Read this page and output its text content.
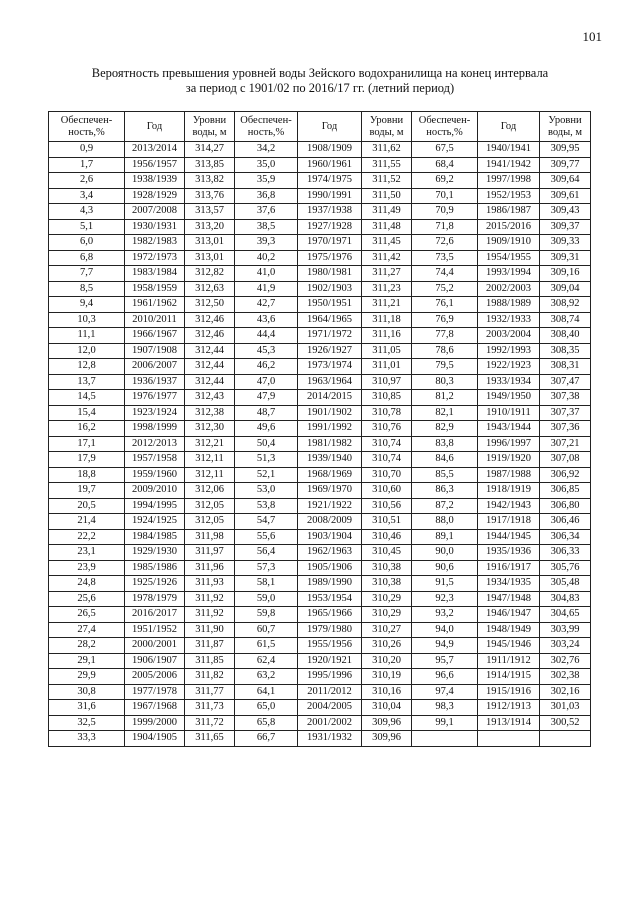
101
Вероятность превышения уровней воды Зейского водохранилища на конец интервала
за период с 1901/02 по 2016/17 гг. (летний период)
Обеспечен-ность,%	Год	Уровни воды, м	Обеспечен-ность,%	Год	Уровни воды, м	Обеспечен-ность,%	Год	Уровни воды, м
0,9	2013/2014	314,27	34,2	1908/1909	311,62	67,5	1940/1941	309,95
1,7	1956/1957	313,85	35,0	1960/1961	311,55	68,4	1941/1942	309,77
2,6	1938/1939	313,82	35,9	1974/1975	311,52	69,2	1997/1998	309,64
3,4	1928/1929	313,76	36,8	1990/1991	311,50	70,1	1952/1953	309,61
4,3	2007/2008	313,57	37,6	1937/1938	311,49	70,9	1986/1987	309,43
5,1	1930/1931	313,20	38,5	1927/1928	311,48	71,8	2015/2016	309,37
6,0	1982/1983	313,01	39,3	1970/1971	311,45	72,6	1909/1910	309,33
6,8	1972/1973	313,01	40,2	1975/1976	311,42	73,5	1954/1955	309,31
7,7	1983/1984	312,82	41,0	1980/1981	311,27	74,4	1993/1994	309,16
8,5	1958/1959	312,63	41,9	1902/1903	311,23	75,2	2002/2003	309,04
9,4	1961/1962	312,50	42,7	1950/1951	311,21	76,1	1988/1989	308,92
10,3	2010/2011	312,46	43,6	1964/1965	311,18	76,9	1932/1933	308,74
11,1	1966/1967	312,46	44,4	1971/1972	311,16	77,8	2003/2004	308,40
12,0	1907/1908	312,44	45,3	1926/1927	311,05	78,6	1992/1993	308,35
12,8	2006/2007	312,44	46,2	1973/1974	311,01	79,5	1922/1923	308,31
13,7	1936/1937	312,44	47,0	1963/1964	310,97	80,3	1933/1934	307,47
14,5	1976/1977	312,43	47,9	2014/2015	310,85	81,2	1949/1950	307,38
15,4	1923/1924	312,38	48,7	1901/1902	310,78	82,1	1910/1911	307,37
16,2	1998/1999	312,30	49,6	1991/1992	310,76	82,9	1943/1944	307,36
17,1	2012/2013	312,21	50,4	1981/1982	310,74	83,8	1996/1997	307,21
17,9	1957/1958	312,11	51,3	1939/1940	310,74	84,6	1919/1920	307,08
18,8	1959/1960	312,11	52,1	1968/1969	310,70	85,5	1987/1988	306,92
19,7	2009/2010	312,06	53,0	1969/1970	310,60	86,3	1918/1919	306,85
20,5	1994/1995	312,05	53,8	1921/1922	310,56	87,2	1942/1943	306,80
21,4	1924/1925	312,05	54,7	2008/2009	310,51	88,0	1917/1918	306,46
22,2	1984/1985	311,98	55,6	1903/1904	310,46	89,1	1944/1945	306,34
23,1	1929/1930	311,97	56,4	1962/1963	310,45	90,0	1935/1936	306,33
23,9	1985/1986	311,96	57,3	1905/1906	310,38	90,6	1916/1917	305,76
24,8	1925/1926	311,93	58,1	1989/1990	310,38	91,5	1934/1935	305,48
25,6	1978/1979	311,92	59,0	1953/1954	310,29	92,3	1947/1948	304,83
26,5	2016/2017	311,92	59,8	1965/1966	310,29	93,2	1946/1947	304,65
27,4	1951/1952	311,90	60,7	1979/1980	310,27	94,0	1948/1949	303,99
28,2	2000/2001	311,87	61,5	1955/1956	310,26	94,9	1945/1946	303,24
29,1	1906/1907	311,85	62,4	1920/1921	310,20	95,7	1911/1912	302,76
29,9	2005/2006	311,82	63,2	1995/1996	310,19	96,6	1914/1915	302,38
30,8	1977/1978	311,77	64,1	2011/2012	310,16	97,4	1915/1916	302,16
31,6	1967/1968	311,73	65,0	2004/2005	310,04	98,3	1912/1913	301,03
32,5	1999/2000	311,72	65,8	2001/2002	309,96	99,1	1913/1914	300,52
33,3	1904/1905	311,65	66,7	1931/1932	309,96			
